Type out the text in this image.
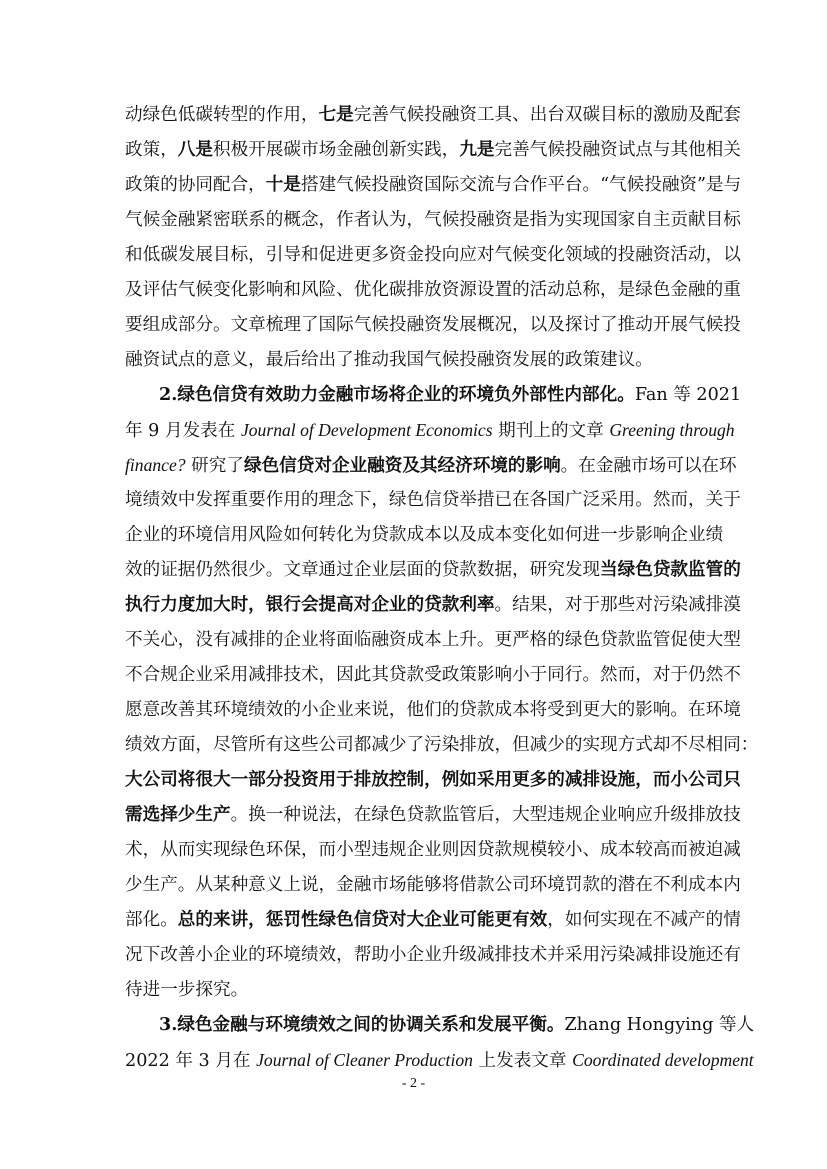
动绿色低碳转型的作用，七是完善气候投融资工具、出台双碳目标的激励及配套
政策，八是积极开展碳市场金融创新实践，九是完善气候投融资试点与其他相关
政策的协同配合，十是搭建气候投融资国际交流与合作平台。“气候投融资”是与
气候金融紧密联系的概念，作者认为，气候投融资是指为实现国家自主贡献目标
和低碳发展目标，引导和促进更多资金投向应对气候变化领域的投融资活动，以
及评估气候变化影响和风险、优化碳排放资源设置的活动总称，是绿色金融的重
要组成部分。文章梳理了国际气候投融资发展概况，以及探讨了推动开展气候投
融资试点的意义，最后给出了推动我国气候投融资发展的政策建议。
2.绿色信贷有效助力金融市场将企业的环境负外部性内部化。Fan 等 2021
年 9 月发表在 Journal of Development Economics 期刊上的文章 Greening through
finance? 研究了绿色信贷对企业融资及其经济环境的影响。在金融市场可以在环
境绩效中发挥重要作用的理念下，绿色信贷举措已在各国广泛采用。然而，关于
企业的环境信用风险如何转化为贷款成本以及成本变化如何进一步影响企业绩
效的证据仍然很少。文章通过企业层面的贷款数据，研究发现当绿色贷款监管的
执行力度加大时，银行会提高对企业的贷款利率。结果，对于那些对污染减排漠
不关心，没有减排的企业将面临融资成本上升。更严格的绿色贷款监管促使大型
不合规企业采用减排技术，因此其贷款受政策影响小于同行。然而，对于仍然不
愿意改善其环境绩效的小企业来说，他们的贷款成本将受到更大的影响。在环境
绩效方面，尽管所有这些公司都减少了污染排放，但减少的实现方式却不尽相同：
大公司将很大一部分投资用于排放控制，例如采用更多的减排设施，而小公司只
需选择少生产。换一种说法，在绿色贷款监管后，大型违规企业响应升级排放技
术，从而实现绿色环保，而小型违规企业则因贷款规模较小、成本较高而被迫减
少生产。从某种意义上说，金融市场能够将借款公司环境罚款的潜在不利成本内
部化。总的来讲，惩罚性绿色信贷对大企业可能更有效，如何实现在不减产的情
况下改善小企业的环境绩效，帮助小企业升级减排技术并采用污染减排设施还有
待进一步探究。
3.绿色金融与环境绩效之间的协调关系和发展平衡。Zhang Hongying 等人
2022 年 3 月在 Journal of Cleaner Production 上发表文章 Coordinated development
- 2 -
